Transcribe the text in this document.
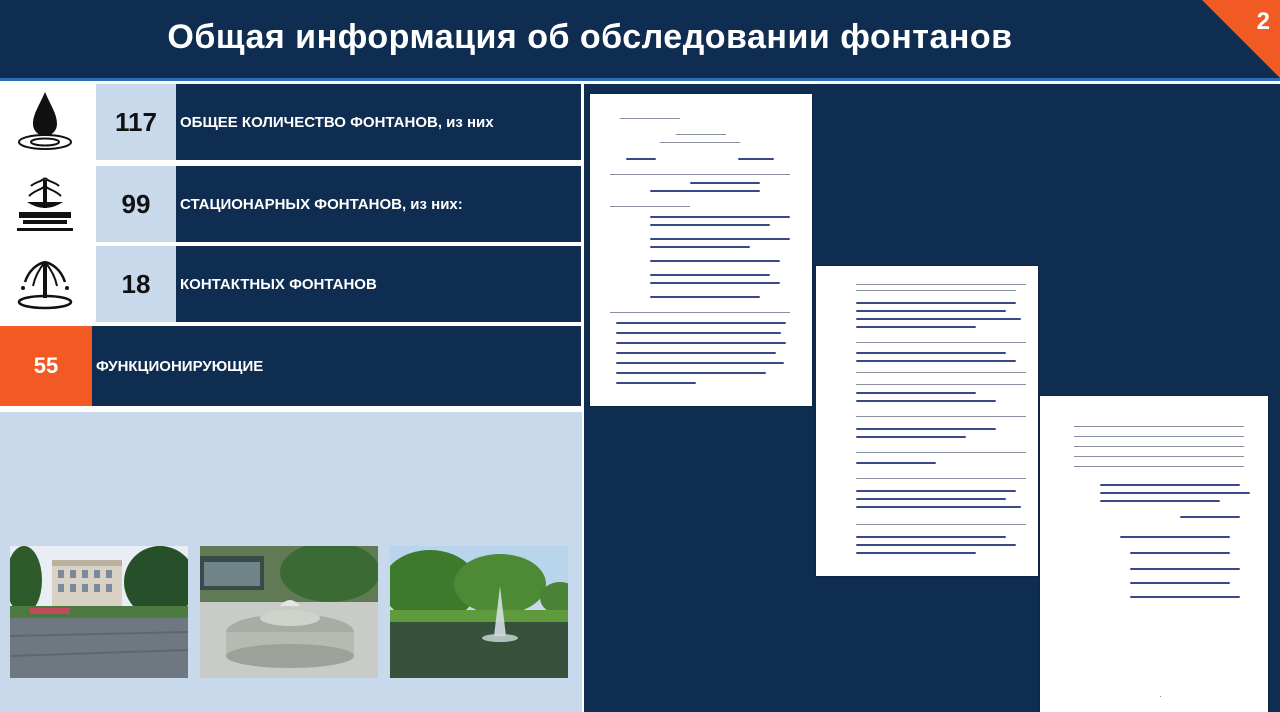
Общая информация об обследовании фонтанов	2
117	ОБЩЕЕ КОЛИЧЕСТВО ФОНТАНОВ, из них
99	СТАЦИОНАРНЫХ ФОНТАНОВ, из них:
18	КОНТАКТНЫХ ФОНТАНОВ
55	ФУНКЦИОНИРУЮЩИЕ
